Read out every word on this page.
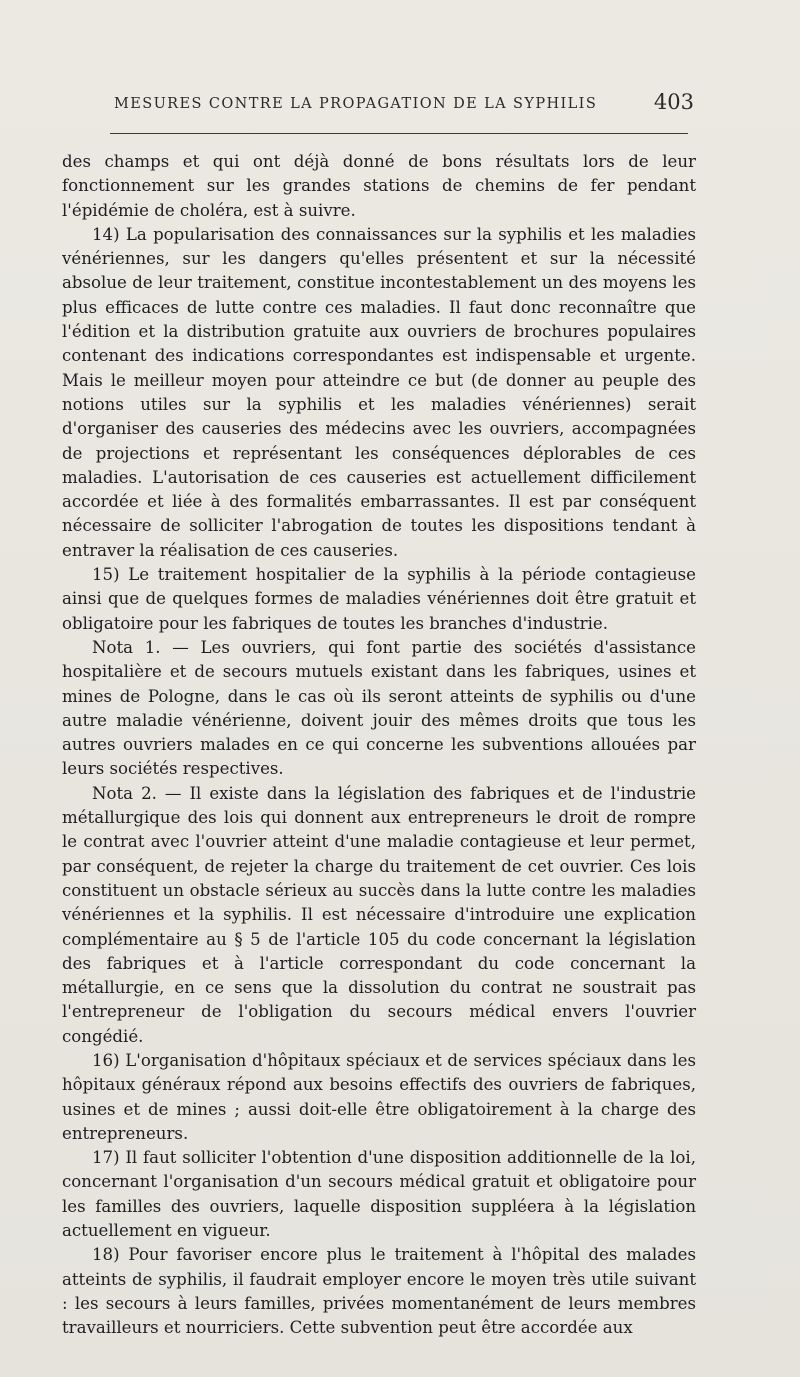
MESURES CONTRE LA PROPAGATION DE LA SYPHILIS	403

des champs et qui ont déjà donné de bons résultats lors de leur fonctionnement sur les grandes stations de chemins de fer pendant l'épidémie de choléra, est à suivre.

14) La popularisation des connaissances sur la syphilis et les maladies vénériennes, sur les dangers qu'elles présentent et sur la nécessité absolue de leur traitement, constitue incontestablement un des moyens les plus efficaces de lutte contre ces maladies. Il faut donc reconnaître que l'édition et la distribution gratuite aux ouvriers de brochures populaires contenant des indications correspondantes est indispensable et urgente. Mais le meilleur moyen pour atteindre ce but (de donner au peuple des notions utiles sur la syphilis et les maladies vénériennes) serait d'organiser des causeries des médecins avec les ouvriers, accompagnées de projections et représentant les conséquences déplorables de ces maladies. L'autorisation de ces causeries est actuellement difficilement accordée et liée à des formalités embarrassantes. Il est par conséquent nécessaire de solliciter l'abrogation de toutes les dispositions tendant à entraver la réalisation de ces causeries.

15) Le traitement hospitalier de la syphilis à la période contagieuse ainsi que de quelques formes de maladies vénériennes doit être gratuit et obligatoire pour les fabriques de toutes les branches d'industrie.

Nota 1. — Les ouvriers, qui font partie des sociétés d'assistance hospitalière et de secours mutuels existant dans les fabriques, usines et mines de Pologne, dans le cas où ils seront atteints de syphilis ou d'une autre maladie vénérienne, doivent jouir des mêmes droits que tous les autres ouvriers malades en ce qui concerne les subventions allouées par leurs sociétés respectives.

Nota 2. — Il existe dans la législation des fabriques et de l'industrie métallurgique des lois qui donnent aux entrepreneurs le droit de rompre le contrat avec l'ouvrier atteint d'une maladie contagieuse et leur permet, par conséquent, de rejeter la charge du traitement de cet ouvrier. Ces lois constituent un obstacle sérieux au succès dans la lutte contre les maladies vénériennes et la syphilis. Il est nécessaire d'introduire une explication complémentaire au § 5 de l'article 105 du code concernant la législation des fabriques et à l'article correspondant du code concernant la métallurgie, en ce sens que la dissolution du contrat ne soustrait pas l'entrepreneur de l'obligation du secours médical envers l'ouvrier congédié.

16) L'organisation d'hôpitaux spéciaux et de services spéciaux dans les hôpitaux généraux répond aux besoins effectifs des ouvriers de fabriques, usines et de mines ; aussi doit-elle être obligatoirement à la charge des entrepreneurs.

17) Il faut solliciter l'obtention d'une disposition additionnelle de la loi, concernant l'organisation d'un secours médical gratuit et obligatoire pour les familles des ouvriers, laquelle disposition suppléera à la législation actuellement en vigueur.

18) Pour favoriser encore plus le traitement à l'hôpital des malades atteints de syphilis, il faudrait employer encore le moyen très utile suivant : les secours à leurs familles, privées momentanément de leurs membres travailleurs et nourriciers. Cette subvention peut être accordée aux
